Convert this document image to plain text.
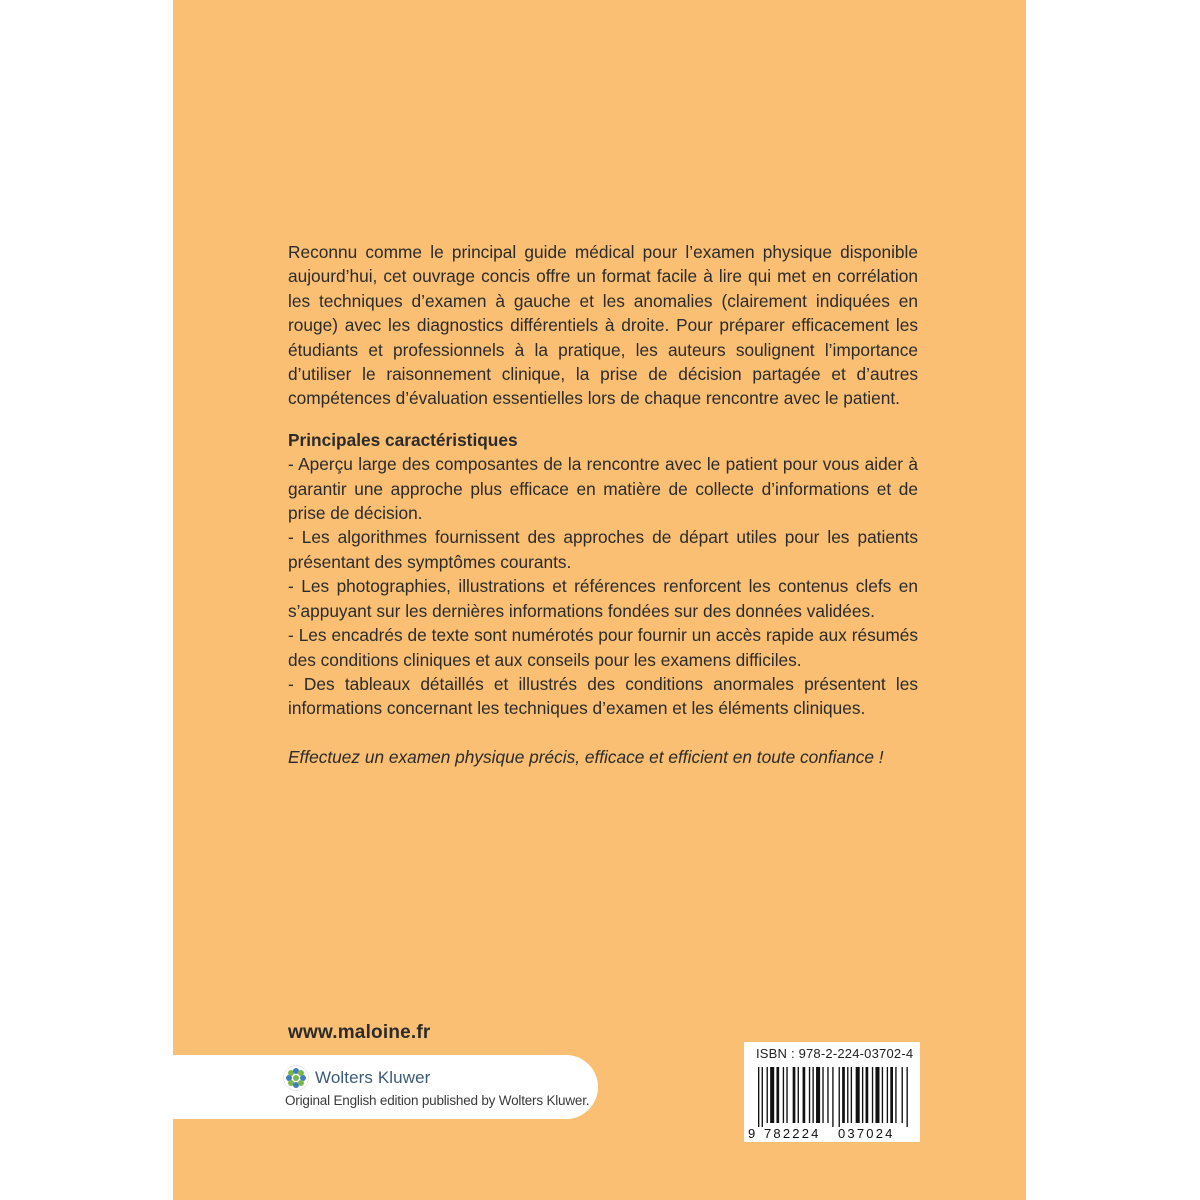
Reconnu comme le principal guide médical pour l’examen physique disponible aujourd’hui, cet ouvrage concis offre un format facile à lire qui met en corrélation les techniques d’examen à gauche et les anomalies (clairement indiquées en rouge) avec les diagnostics différentiels à droite. Pour préparer efficacement les étudiants et professionnels à la pratique, les auteurs soulignent l’importance d’utiliser le raisonnement clinique, la prise de décision partagée et d’autres compétences d’évaluation essentielles lors de chaque rencontre avec le patient.

Principales caractéristiques

- Aperçu large des composantes de la rencontre avec le patient pour vous aider à garantir une approche plus efficace en matière de collecte d’informations et de prise de décision.
- Les algorithmes fournissent des approches de départ utiles pour les patients présentant des symptômes courants.
- Les photographies, illustrations et références renforcent les contenus clefs en s’appuyant sur les dernières informations fondées sur des données validées.
- Les encadrés de texte sont numérotés pour fournir un accès rapide aux résumés des conditions cliniques et aux conseils pour les examens difficiles.
- Des tableaux détaillés et illustrés des conditions anormales présentent les informations concernant les techniques d’examen et les éléments cliniques.

Effectuez un examen physique précis, efficace et efficient en toute confiance !

www.maloine.fr
Wolters Kluwer
Original English edition published by Wolters Kluwer.
ISBN : 978-2-224-03702-4
9 782224 037024
